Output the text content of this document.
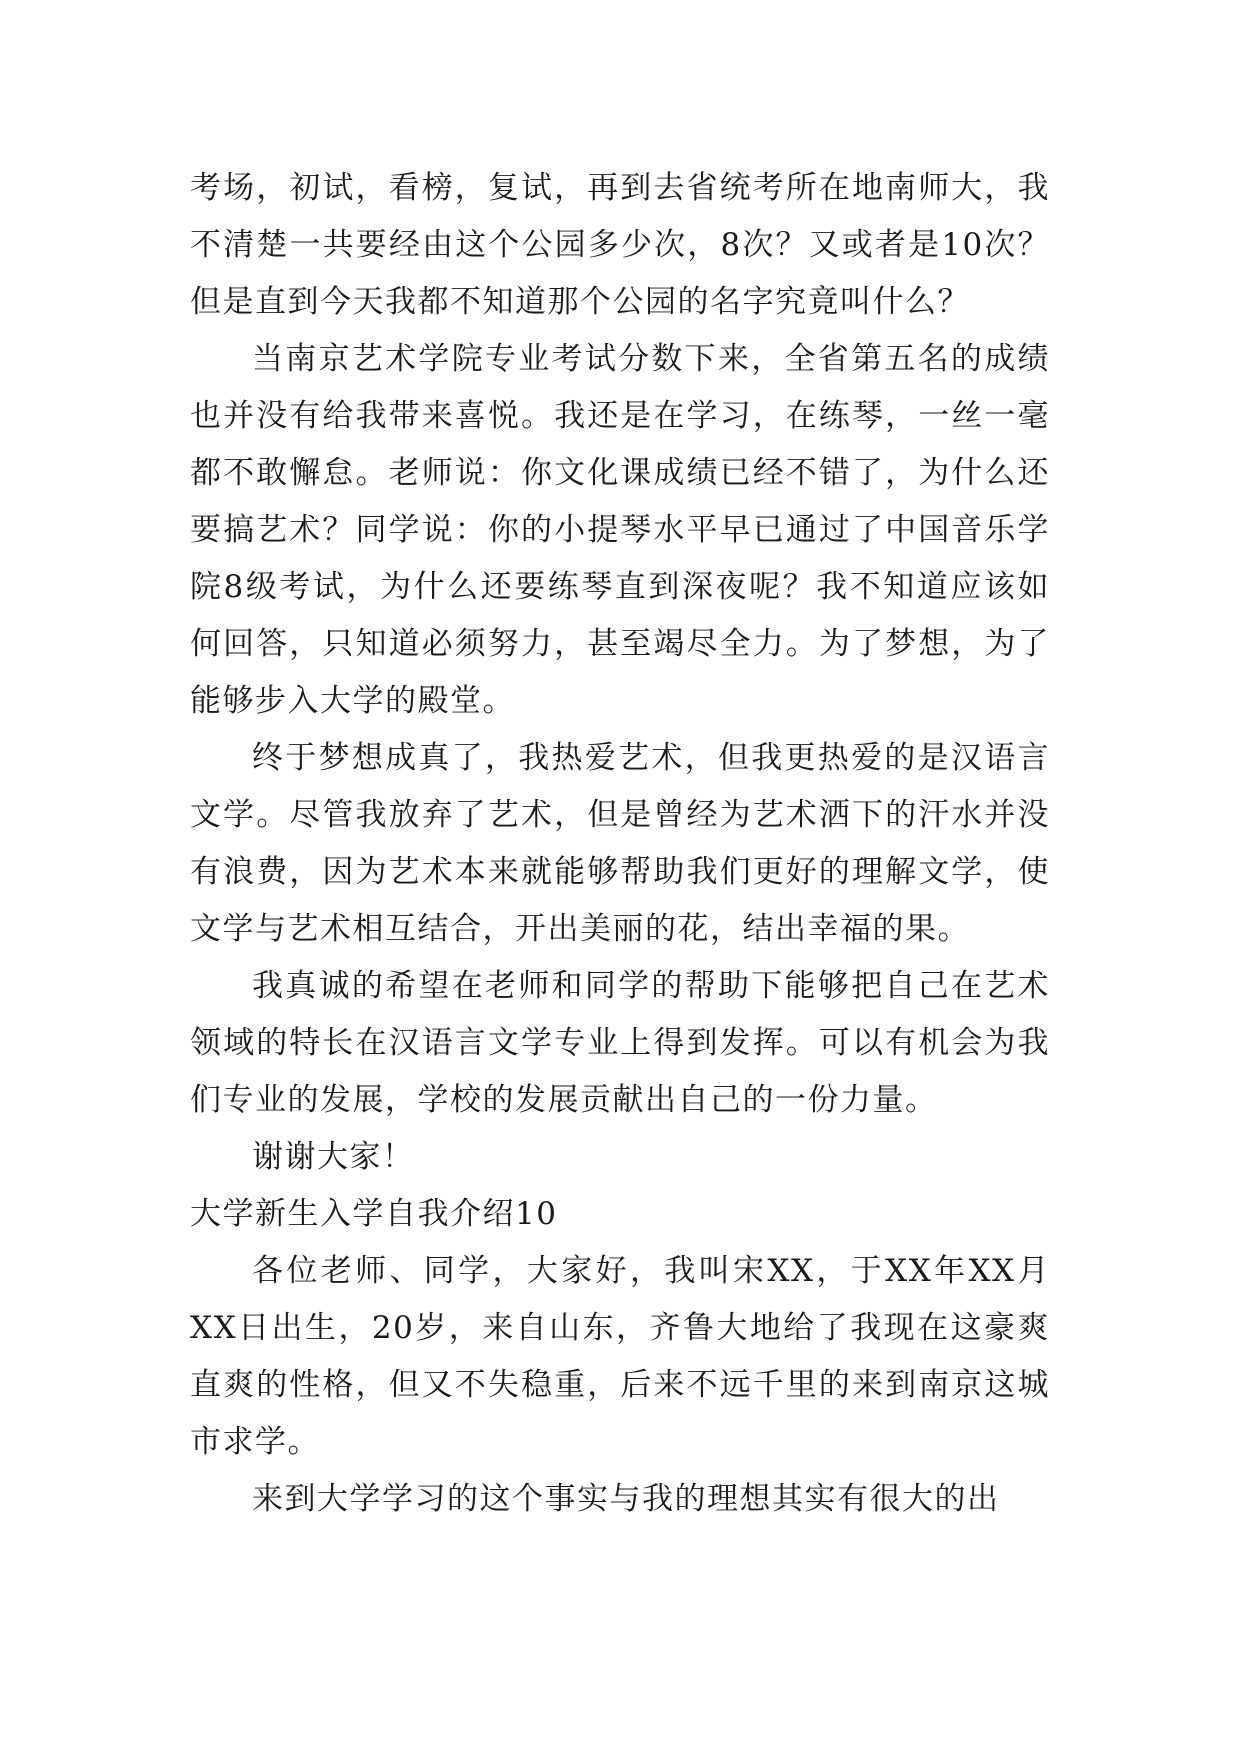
考场，初试，看榜，复试，再到去省统考所在地南师大，我不清楚一共要经由这个公园多少次，8次？又或者是10次？但是直到今天我都不知道那个公园的名字究竟叫什么？

当南京艺术学院专业考试分数下来，全省第五名的成绩也并没有给我带来喜悦。我还是在学习，在练琴，一丝一毫都不敢懈怠。老师说：你文化课成绩已经不错了，为什么还要搞艺术？同学说：你的小提琴水平早已通过了中国音乐学院8级考试，为什么还要练琴直到深夜呢？我不知道应该如何回答，只知道必须努力，甚至竭尽全力。为了梦想，为了能够步入大学的殿堂。

终于梦想成真了，我热爱艺术，但我更热爱的是汉语言文学。尽管我放弃了艺术，但是曾经为艺术洒下的汗水并没有浪费，因为艺术本来就能够帮助我们更好的理解文学，使文学与艺术相互结合，开出美丽的花，结出幸福的果。

我真诚的希望在老师和同学的帮助下能够把自己在艺术领域的特长在汉语言文学专业上得到发挥。可以有机会为我们专业的发展，学校的发展贡献出自己的一份力量。

谢谢大家！

大学新生入学自我介绍10

各位老师、同学，大家好，我叫宋XX，于XX年XX月XX日出生，20岁，来自山东，齐鲁大地给了我现在这豪爽直爽的性格，但又不失稳重，后来不远千里的来到南京这城市求学。

来到大学学习的这个事实与我的理想其实有很大的出
